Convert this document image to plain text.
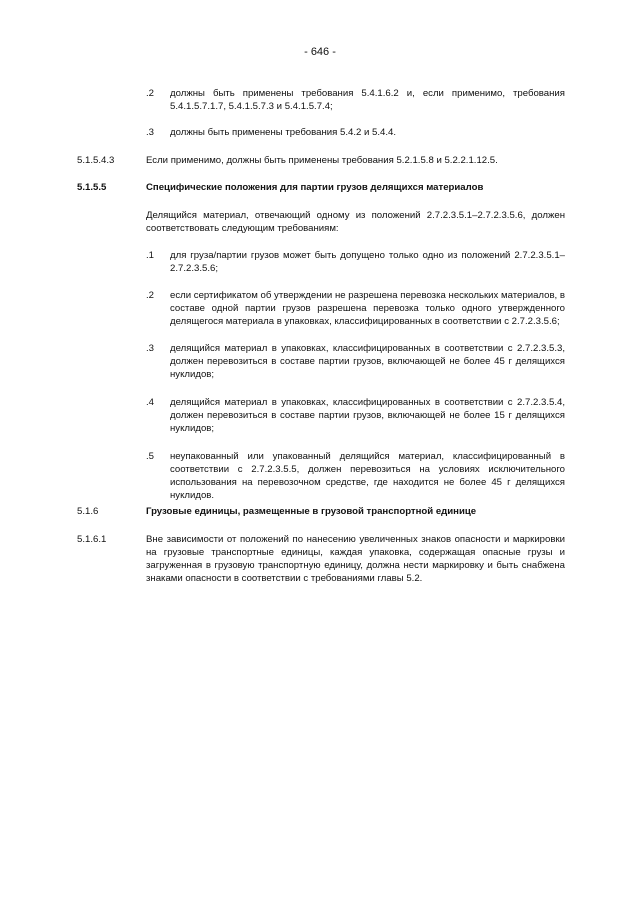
- 646 -
.2 должны быть применены требования 5.4.1.6.2 и, если применимо, требования 5.4.1.5.7.1.7, 5.4.1.5.7.3 и 5.4.1.5.7.4;
.3 должны быть применены требования 5.4.2 и 5.4.4.
5.1.5.4.3	Если применимо, должны быть применены требования 5.2.1.5.8 и 5.2.2.1.12.5.
5.1.5.5	Специфические положения для партии грузов делящихся материалов
Делящийся материал, отвечающий одному из положений 2.7.2.3.5.1–2.7.2.3.5.6, должен соответствовать следующим требованиям:
.1 для груза/партии грузов может быть допущено только одно из положений 2.7.2.3.5.1–2.7.2.3.5.6;
.2 если сертификатом об утверждении не разрешена перевозка нескольких материалов, в составе одной партии грузов разрешена перевозка только одного утвержденного делящегося материала в упаковках, классифицированных в соответствии с 2.7.2.3.5.6;
.3 делящийся материал в упаковках, классифицированных в соответствии с 2.7.2.3.5.3, должен перевозиться в составе партии грузов, включающей не более 45 г делящихся нуклидов;
.4 делящийся материал в упаковках, классифицированных в соответствии с 2.7.2.3.5.4, должен перевозиться в составе партии грузов, включающей не более 15 г делящихся нуклидов;
.5 неупакованный или упакованный делящийся материал, классифицированный в соответствии с 2.7.2.3.5.5, должен перевозиться на условиях исключительного использования на перевозочном средстве, где находится не более 45 г делящихся нуклидов.
5.1.6	Грузовые единицы, размещенные в грузовой транспортной единице
5.1.6.1	Вне зависимости от положений по нанесению увеличенных знаков опасности и маркировки на грузовые транспортные единицы, каждая упаковка, содержащая опасные грузы и загруженная в грузовую транспортную единицу, должна нести маркировку и быть снабжена знаками опасности в соответствии с требованиями главы 5.2.
